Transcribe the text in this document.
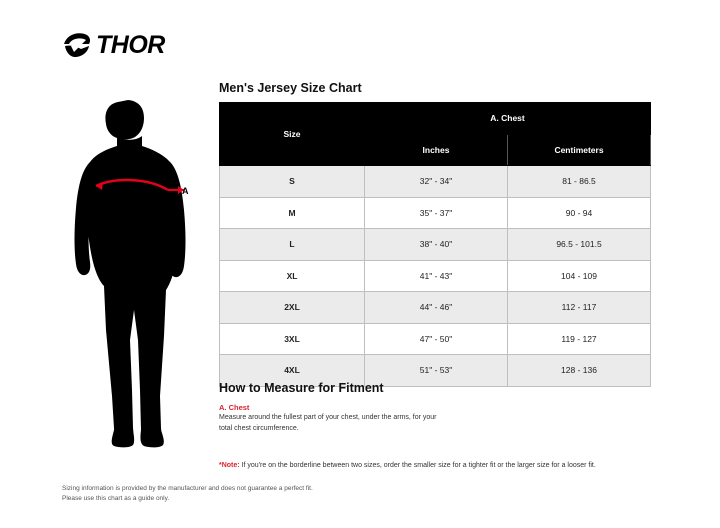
THOR
A
Men's Jersey Size Chart
Size	A. Chest	
	Inches	Centimeters
S	32" - 34"	81 - 86.5
M	35" - 37"	90 - 94
L	38" - 40"	96.5 - 101.5
XL	41" - 43"	104 - 109
2XL	44" - 46"	112 - 117
3XL	47" - 50"	119 - 127
4XL	51" - 53"	128 - 136
How to Measure for Fitment
A. Chest
Measure around the fullest part of your chest, under the arms, for your
total chest circumference.
*Note: If you're on the borderline between two sizes, order the smaller size for a tighter fit or the larger size for a looser fit.
Sizing information is provided by the manufacturer and does not guarantee a perfect fit.
Please use this chart as a guide only.
